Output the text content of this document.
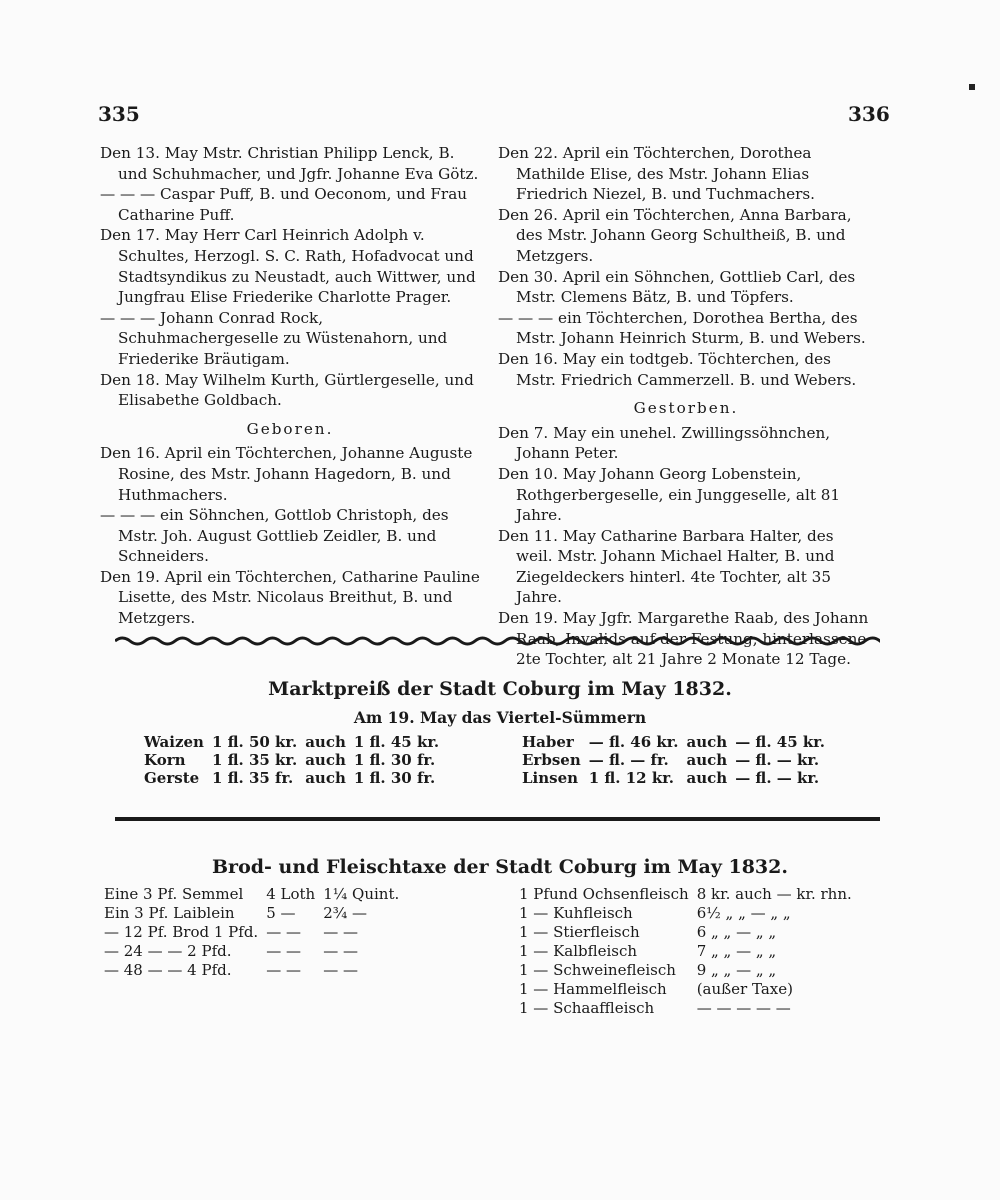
335	336

Den 13. May Mstr. Christian Philipp Lenck, B. und Schuhmacher, und Jgfr. Johanne Eva Götz.

— — — Caspar Puff, B. und Oeconom, und Frau Catharine Puff.

Den 17. May Herr Carl Heinrich Adolph v. Schultes, Herzogl. S. C. Rath, Hofadvocat und Stadtsyndikus zu Neustadt, auch Wittwer, und Jungfrau Elise Friederike Charlotte Prager.

— — — Johann Conrad Rock, Schuhmachergeselle zu Wüstenahorn, und Friederike Bräutigam.

Den 18. May Wilhelm Kurth, Gürtlergeselle, und Elisabethe Goldbach.

Geboren.

Den 16. April ein Töchterchen, Johanne Auguste Rosine, des Mstr. Johann Hagedorn, B. und Huthmachers.

— — — ein Söhnchen, Gottlob Christoph, des Mstr. Joh. August Gottlieb Zeidler, B. und Schneiders.

Den 19. April ein Töchterchen, Catharine Pauline Lisette, des Mstr. Nicolaus Breithut, B. und Metzgers.

Den 22. April ein Töchterchen, Dorothea Mathilde Elise, des Mstr. Johann Elias Friedrich Niezel, B. und Tuchmachers.

Den 26. April ein Töchterchen, Anna Barbara, des Mstr. Johann Georg Schultheiß, B. und Metzgers.

Den 30. April ein Söhnchen, Gottlieb Carl, des Mstr. Clemens Bätz, B. und Töpfers.

— — — ein Töchterchen, Dorothea Bertha, des Mstr. Johann Heinrich Sturm, B. und Webers.

Den 16. May ein todtgeb. Töchterchen, des Mstr. Friedrich Cammerzell. B. und Webers.

Gestorben.

Den 7. May ein unehel. Zwillingssöhnchen, Johann Peter.

Den 10. May Johann Georg Lobenstein, Rothgerbergeselle, ein Junggeselle, alt 81 Jahre.

Den 11. May Catharine Barbara Halter, des weil. Mstr. Johann Michael Halter, B. und Ziegeldeckers hinterl. 4te Tochter, alt 35 Jahre.

Den 19. May Jgfr. Margarethe Raab, des Johann Raab, Invalids auf der Festung, hinterlassene 2te Tochter, alt 21 Jahre 2 Monate 12 Tage.

Marktpreiß der Stadt Coburg im May 1832.
Am 19. May das Viertel-Sümmern
Waizen	1 fl. 50 kr.	auch	1 fl. 45 kr.
Korn	1 fl. 35 kr.	auch	1 fl. 30 fr.
Gerste	1 fl. 35 fr.	auch	1 fl. 30 fr.
Haber	— fl. 46 kr.	auch	— fl. 45 kr.
Erbsen	— fl. — fr.	auch	— fl. — kr.
Linsen	1 fl. 12 kr.	auch	— fl. — kr.
Brod- und Fleischtaxe der Stadt Coburg im May 1832.
Eine 3 Pf. Semmel	4 Loth	1¼ Quint.
Ein 3 Pf. Laiblein	5 —	2¾ —
— 12 Pf. Brod 1 Pfd.	— —	— —
— 24 — — 2 Pfd.	— —	— —
— 48 — — 4 Pfd.	— —	— —
1 Pfund Ochsenfleisch	8 kr. auch — kr. rhn.
1 — Kuhfleisch	6½ „ „ — „ „
1 — Stierfleisch	6 „ „ — „ „
1 — Kalbfleisch	7 „ „ — „ „
1 — Schweinefleisch	9 „ „ — „ „
1 — Hammelfleisch	(außer Taxe)
1 — Schaaffleisch	— — — — —
